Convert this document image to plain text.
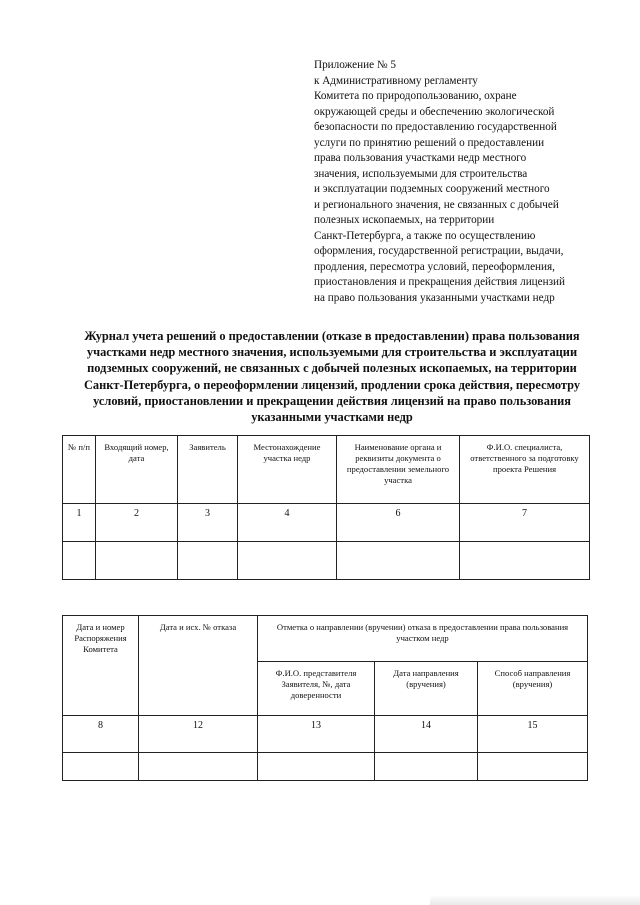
Приложение № 5
к Административному регламенту
Комитета по природопользованию, охране
окружающей среды и обеспечению экологической
безопасности по предоставлению государственной
услуги по принятию решений о предоставлении
права пользования участками недр местного
значения, используемыми для строительства
и эксплуатации подземных сооружений местного
и регионального значения, не связанных с добычей
полезных ископаемых, на территории
Санкт-Петербурга, а также по осуществлению
оформления, государственной регистрации, выдачи,
продления, пересмотра условий, переоформления,
приостановления и прекращения действия лицензий
на право пользования указанными участками недр
Журнал учета решений о предоставлении (отказе в предоставлении) права пользования
участками недр местного значения, используемыми для строительства и эксплуатации
подземных сооружений, не связанных с добычей полезных ископаемых, на территории
Санкт-Петербурга, о переоформлении лицензий, продлении срока действия, пересмотру
условий, приостановлении и прекращении действия лицензий на право пользования
указанными участками недр
№ п/п	Входящий номер, дата	Заявитель	Местонахождение участка недр	Наименование органа и реквизиты документа о предоставлении земельного участка	Ф.И.О. специалиста, ответственного за подготовку проекта Решения
1	2	3	4	6	7

Дата и номер Распоряжения Комитета	Дата и исх. № отказа	Отметка о направлении (вручении) отказа в предоставлении права пользования участком недр		
		Ф.И.О. представителя Заявителя, №, дата доверенности	Дата направления (вручения)	Способ направления (вручения)
8	12	13	14	15
